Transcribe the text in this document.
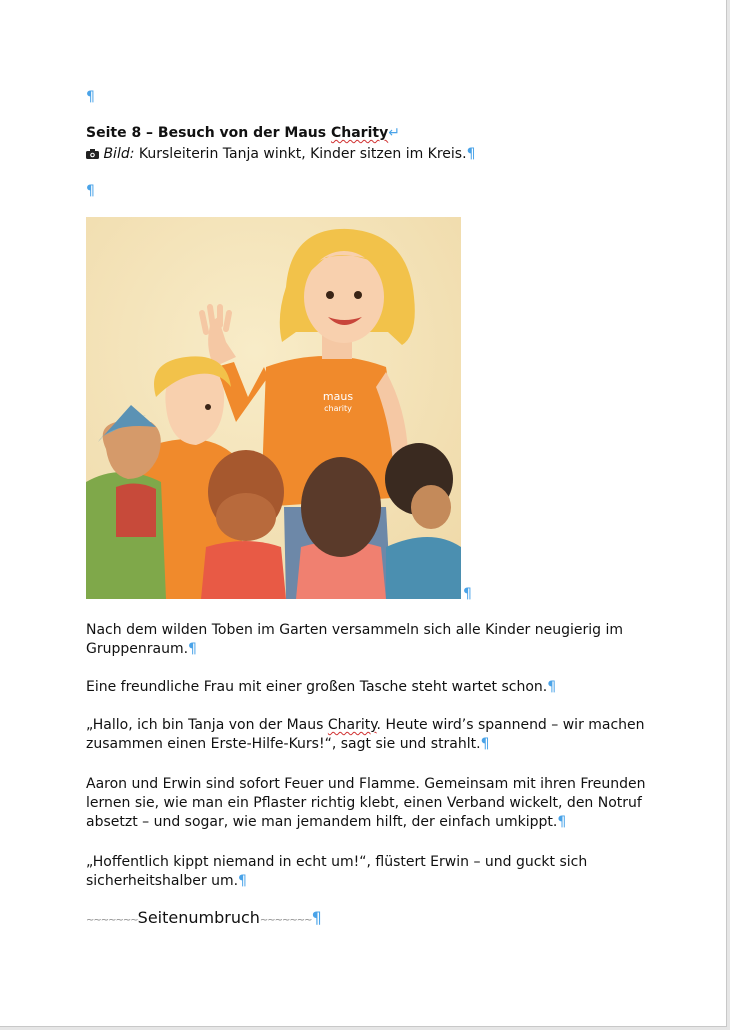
¶
Seite 8 – Besuch von der Maus Charity↵
Bild: Kursleiterin Tanja winkt, Kinder sitzen im Kreis.¶
¶
maus
charity
¶
Nach dem wilden Toben im Garten versammeln sich alle Kinder neugierig im Gruppenraum.¶
Eine freundliche Frau mit einer großen Tasche steht wartet schon.¶
„Hallo, ich bin Tanja von der Maus Charity. Heute wird’s spannend – wir machen zusammen einen Erste-Hilfe-Kurs!“, sagt sie und strahlt.¶
Aaron und Erwin sind sofort Feuer und Flamme. Gemeinsam mit ihren Freunden lernen sie, wie man ein Pflaster richtig klebt, einen Verband wickelt, den Notruf absetzt – und sogar, wie man jemandem hilft, der einfach umkippt.¶
„Hoffentlich kippt niemand in echt um!“, flüstert Erwin – und guckt sich sicherheitshalber um.¶
~~~~~~~Seitenumbruch~~~~~~~¶
